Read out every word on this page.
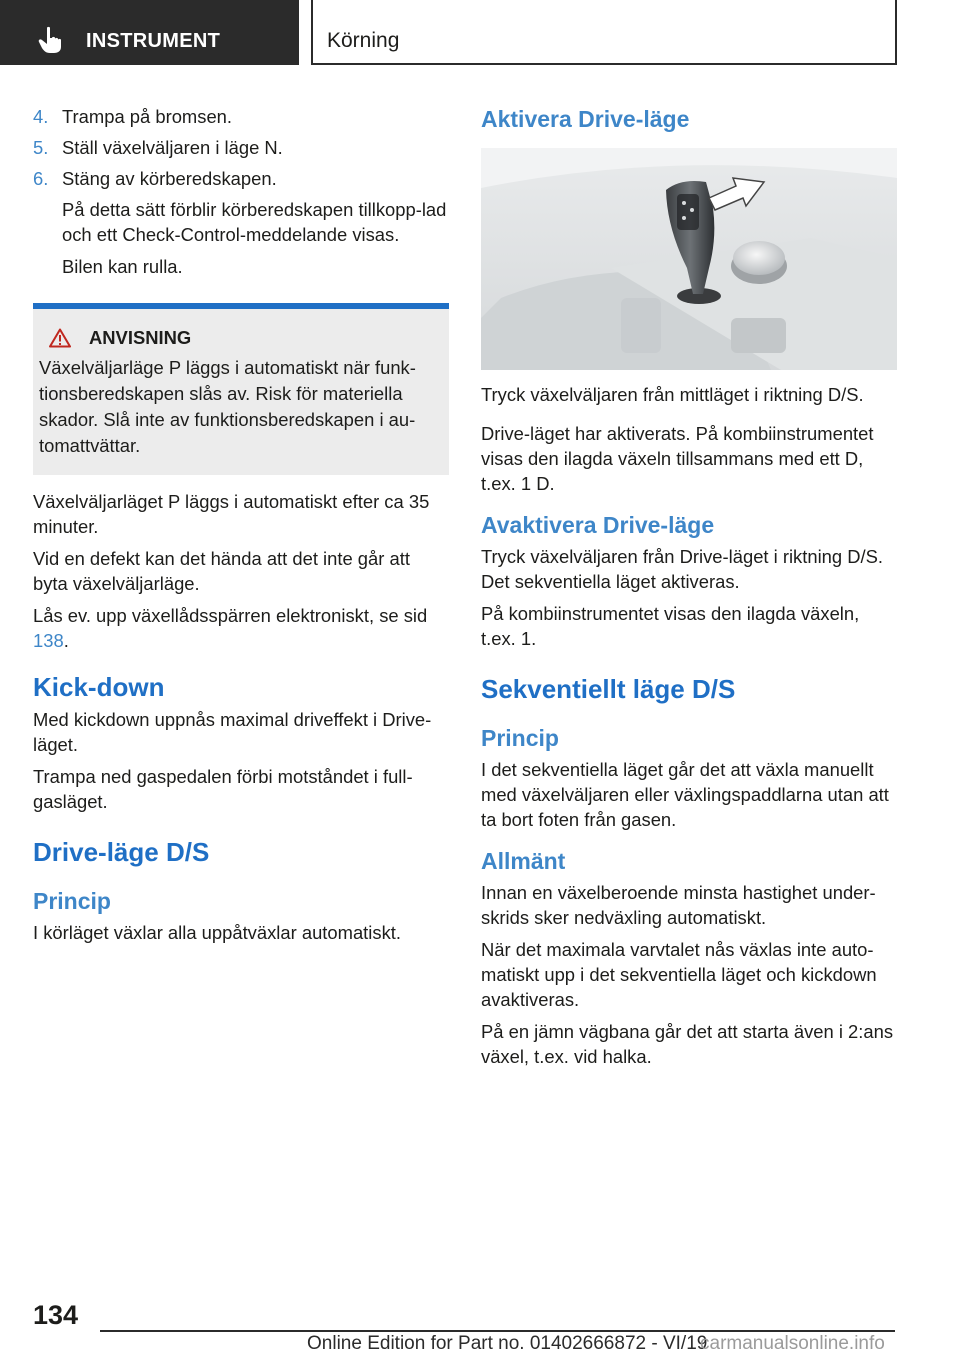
INSTRUMENT	Körning
4. Trampa på bromsen.
5. Ställ växelväljaren i läge N.
6. Stäng av körberedskapen.

På detta sätt förblir körberedskapen tillkopp-lad och ett Check-Control-meddelande visas.

Bilen kan rulla.

ANVISNING
Växelväljarläge P läggs i automatiskt när funk-tionsberedskapen slås av. Risk för materiella skador. Slå inte av funktionsberedskapen i au-tomattvättar.

Växelväljarläget P läggs i automatiskt efter ca 35 minuter.

Vid en defekt kan det hända att det inte går att byta växelväljarläge.

Lås ev. upp växellådsspärren elektroniskt, se sid 138.

Kick-down

Med kickdown uppnås maximal driveffekt i Drive-läget.

Trampa ned gaspedalen förbi motståndet i full-gasläget.

Drive-läge D/S
Princip

I körläget växlar alla uppåtväxlar automatiskt.

Aktivera Drive-läge

Tryck växelväljaren från mittläget i riktning D/S.

Drive-läget har aktiverats. På kombiinstrumentet visas den ilagda växeln tillsammans med ett D, t.ex. 1 D.

Avaktivera Drive-läge

Tryck växelväljaren från Drive-läget i riktning D/S. Det sekventiella läget aktiveras.

På kombiinstrumentet visas den ilagda växeln, t.ex. 1.

Sekventiellt läge D/S
Princip

I det sekventiella läget går det att växla manuellt med växelväljaren eller växlingspaddlarna utan att ta bort foten från gasen.

Allmänt

Innan en växelberoende minsta hastighet under-skrids sker nedväxling automatiskt.

När det maximala varvtalet nås växlas inte auto-matiskt upp i det sekventiella läget och kickdown avaktiveras.

På en jämn vägbana går det att starta även i 2:ans växel, t.ex. vid halka.

134
Online Edition for Part no. 01402666872 - VI/19
carmanualsonline.info
